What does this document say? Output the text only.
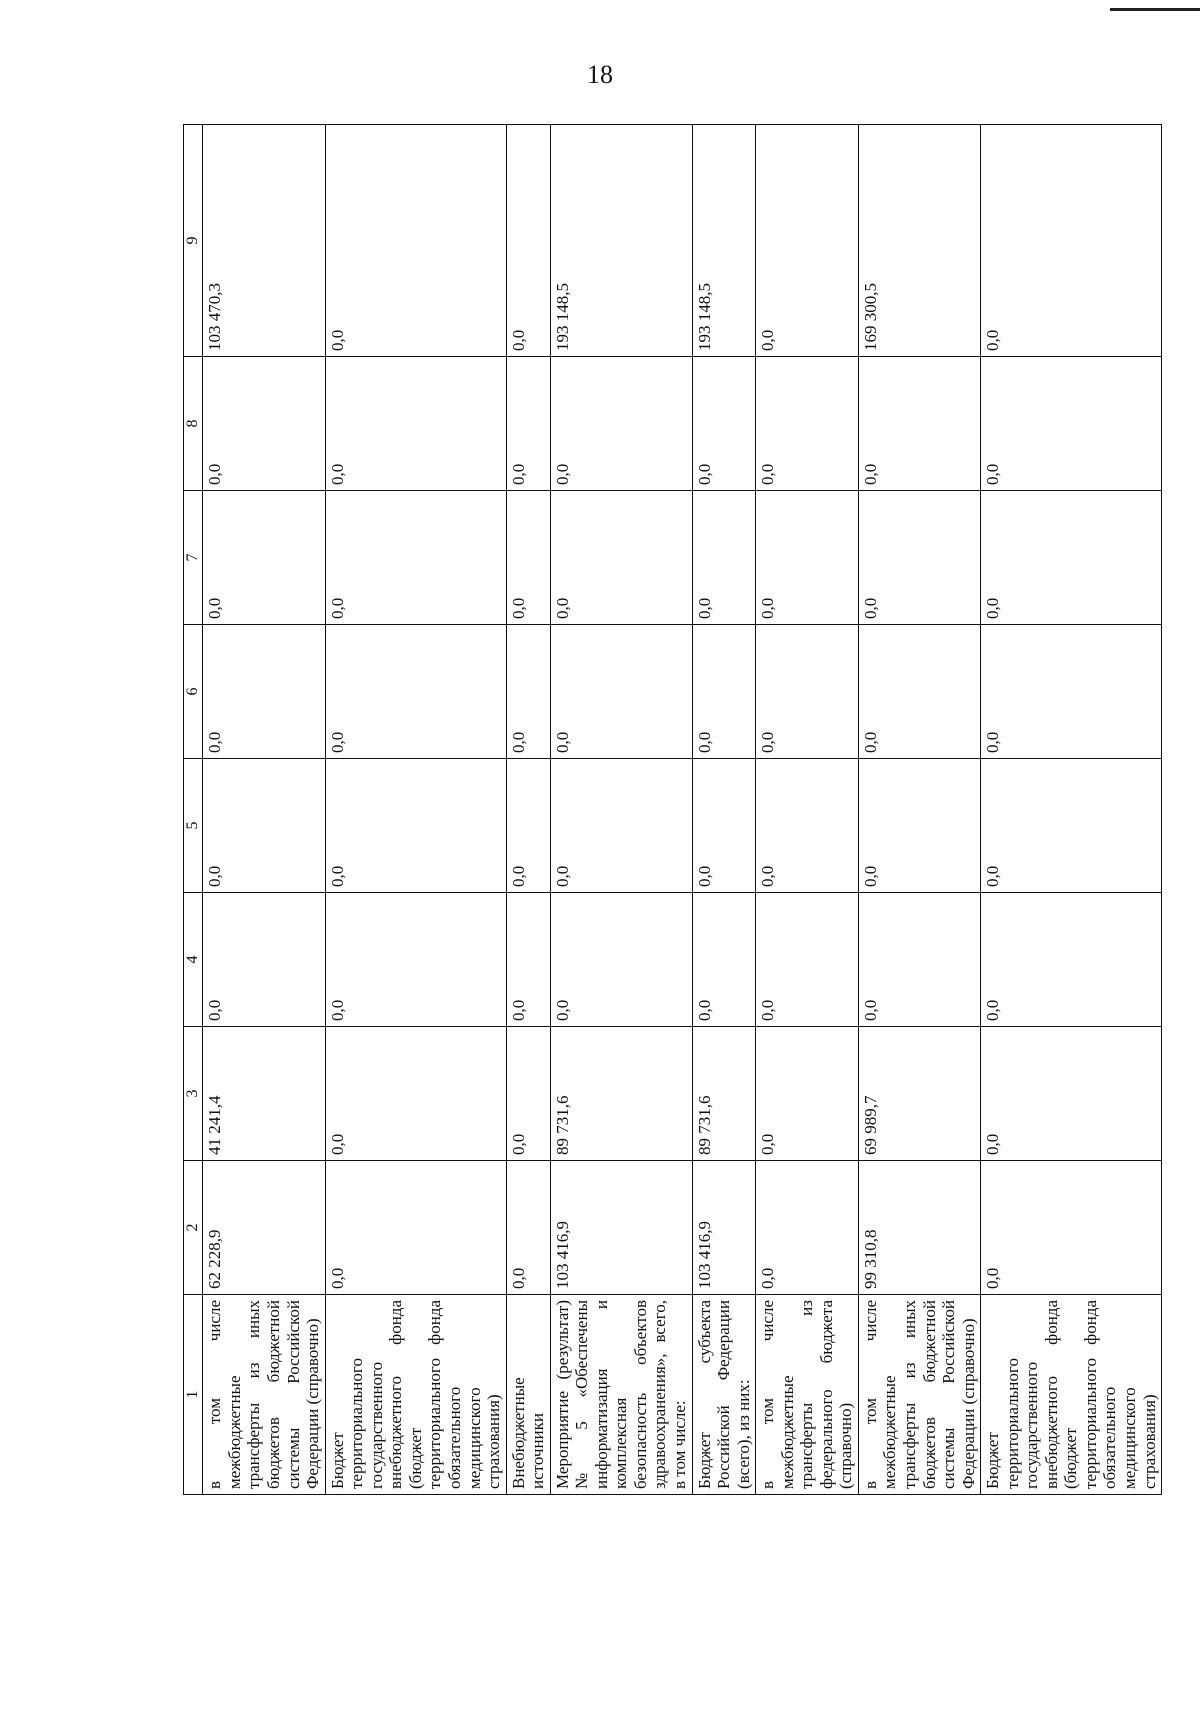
18
1	2	3	4	5	6	7	8	9
в том числе межбюджетные трансферты из иных бюджетов бюджетной системы Российской Федерации (справочно)	62 228,9	41 241,4	0,0	0,0	0,0	0,0	0,0	103 470,3
Бюджет территориального государственного внебюджетного фонда (бюджет территориального фонда обязательного медицинского страхования)	0,0	0,0	0,0	0,0	0,0	0,0	0,0	0,0
Внебюджетные источники	0,0	0,0	0,0	0,0	0,0	0,0	0,0	0,0
Мероприятие (результат) № 5 «Обеспечены информатизация и комплексная безопасность объектов здравоохранения», всего, в том числе:	103 416,9	89 731,6	0,0	0,0	0,0	0,0	0,0	193 148,5
Бюджет субъекта Российской Федерации (всего), из них:	103 416,9	89 731,6	0,0	0,0	0,0	0,0	0,0	193 148,5
в том числе межбюджетные трансферты из федерального бюджета (справочно)	0,0	0,0	0,0	0,0	0,0	0,0	0,0	0,0
в том числе межбюджетные трансферты из иных бюджетов бюджетной системы Российской Федерации (справочно)	99 310,8	69 989,7	0,0	0,0	0,0	0,0	0,0	169 300,5
Бюджет территориального государственного внебюджетного фонда (бюджет территориального фонда обязательного медицинского страхования)	0,0	0,0	0,0	0,0	0,0	0,0	0,0	0,0
